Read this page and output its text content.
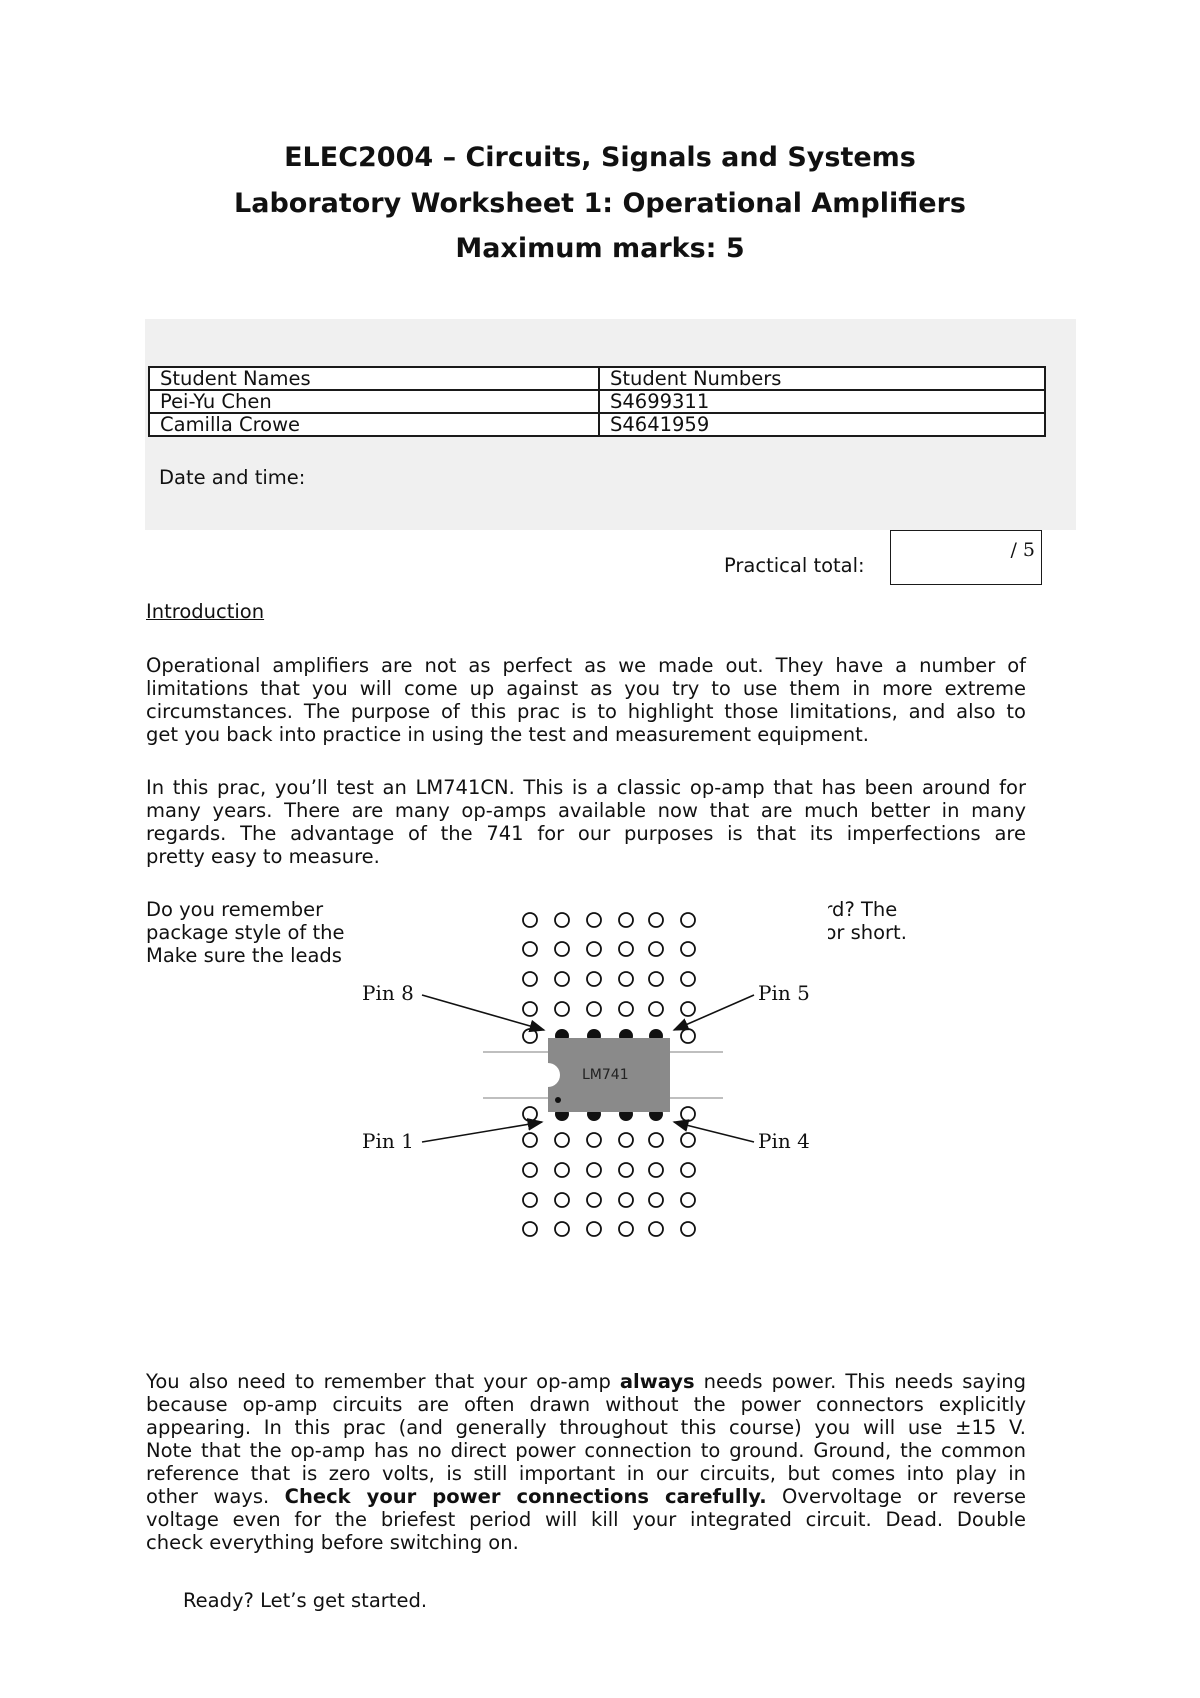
ELEC2004 – Circuits, Signals and Systems
Laboratory Worksheet 1: Operational Amplifiers
Maximum marks: 5
Student Names	Student Numbers
Pei-Yu Chen	S4699311
Camilla Crowe	S4641959
Date and time:
Practical total:
/ 5
Introduction
Operational amplifiers are not as perfect as we made out. They have a number of
limitations that you will come up against as you try to use them in more extreme
circumstances. The purpose of this prac is to highlight those limitations, and also to
get you back into practice in using the test and measurement equipment.
In this prac, you’ll test an LM741CN. This is a classic op-amp that has been around for
many years. There are many op-amps available now that are much better in many
regards. The advantage of the 741 for our purposes is that its imperfections are
pretty easy to measure.
Do you remember                                                               e breadboard? The
package style of the                                                           age or DIP for short.
Make sure the leads                                                          dboard.
LM741
Pin 8	Pin 5
Pin 1	Pin 4
You also need to remember that your op-amp always needs power. This needs saying
because op-amp circuits are often drawn without the power connectors explicitly
appearing. In this prac (and generally throughout this course) you will use ±15 V.
Note that the op-amp has no direct power connection to ground. Ground, the common
reference that is zero volts, is still important in our circuits, but comes into play in
other ways. Check your power connections carefully. Overvoltage or reverse
voltage even for the briefest period will kill your integrated circuit. Dead. Double
check everything before switching on.
Ready? Let’s get started.
